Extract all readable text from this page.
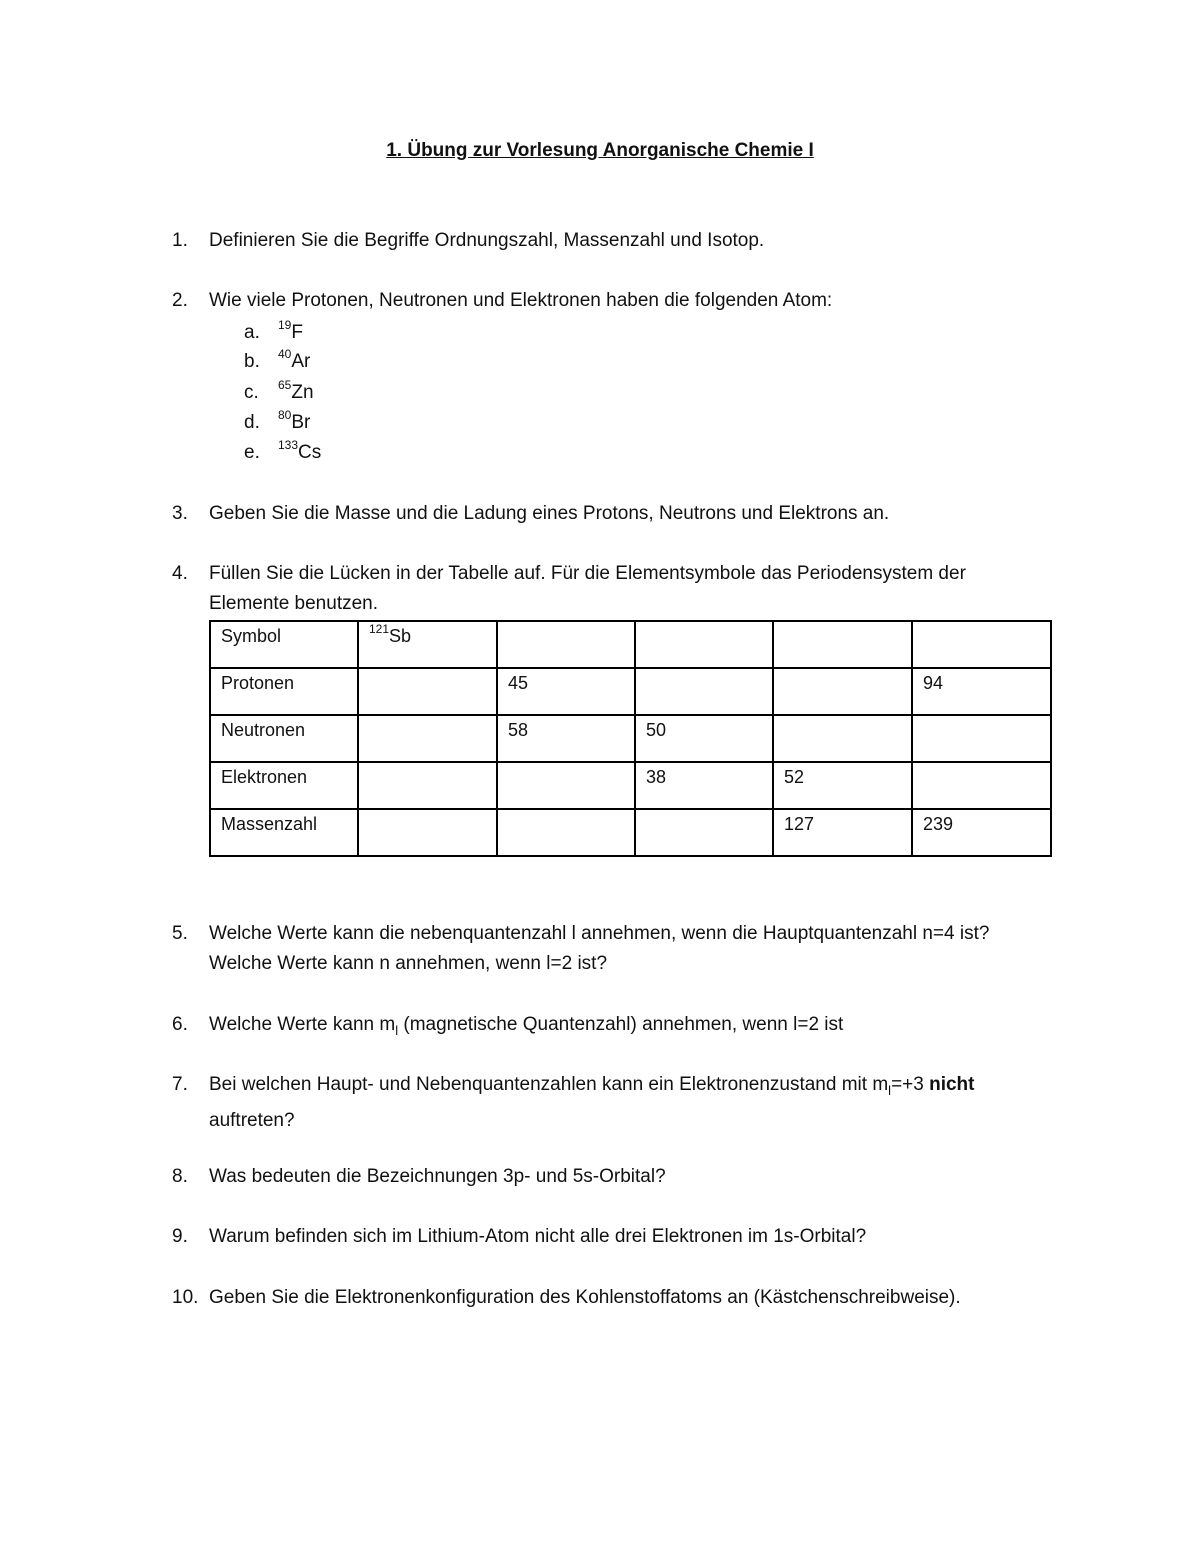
1. Übung zur Vorlesung Anorganische Chemie I
1.	Definieren Sie die Begriffe Ordnungszahl, Massenzahl und Isotop.
2.	Wie viele Protonen, Neutronen und Elektronen haben die folgenden Atom:
a. $^{19}$F
b. $^{40}$Ar
c. $^{65}$Zn
d. $^{80}$Br
e. $^{133}$Cs
3.	Geben Sie die Masse und die Ladung eines Protons, Neutrons und Elektrons an.
4.	Füllen Sie die Lücken in der Tabelle auf. Für die Elementsymbole das Periodensystem der
Elemente benutzen.
Symbol	$^{121}$Sb				
Protonen		45			94
Neutronen		58	50		
Elektronen			38	52	
Massenzahl				127	239
5.	Welche Werte kann die nebenquantenzahl l annehmen, wenn die Hauptquantenzahl n=4 ist?
Welche Werte kann n annehmen, wenn l=2 ist?
6.	Welche Werte kann $m_l$ (magnetische Quantenzahl) annehmen, wenn l=2 ist
7.	Bei welchen Haupt- und Nebenquantenzahlen kann ein Elektronenzustand mit $m_l=+3$ nicht
auftreten?
8.	Was bedeuten die Bezeichnungen 3p- und 5s-Orbital?
9.	Warum befinden sich im Lithium-Atom nicht alle drei Elektronen im 1s-Orbital?
10. Geben Sie die Elektronenkonfiguration des Kohlenstoffatoms an (Kästchenschreibweise).
